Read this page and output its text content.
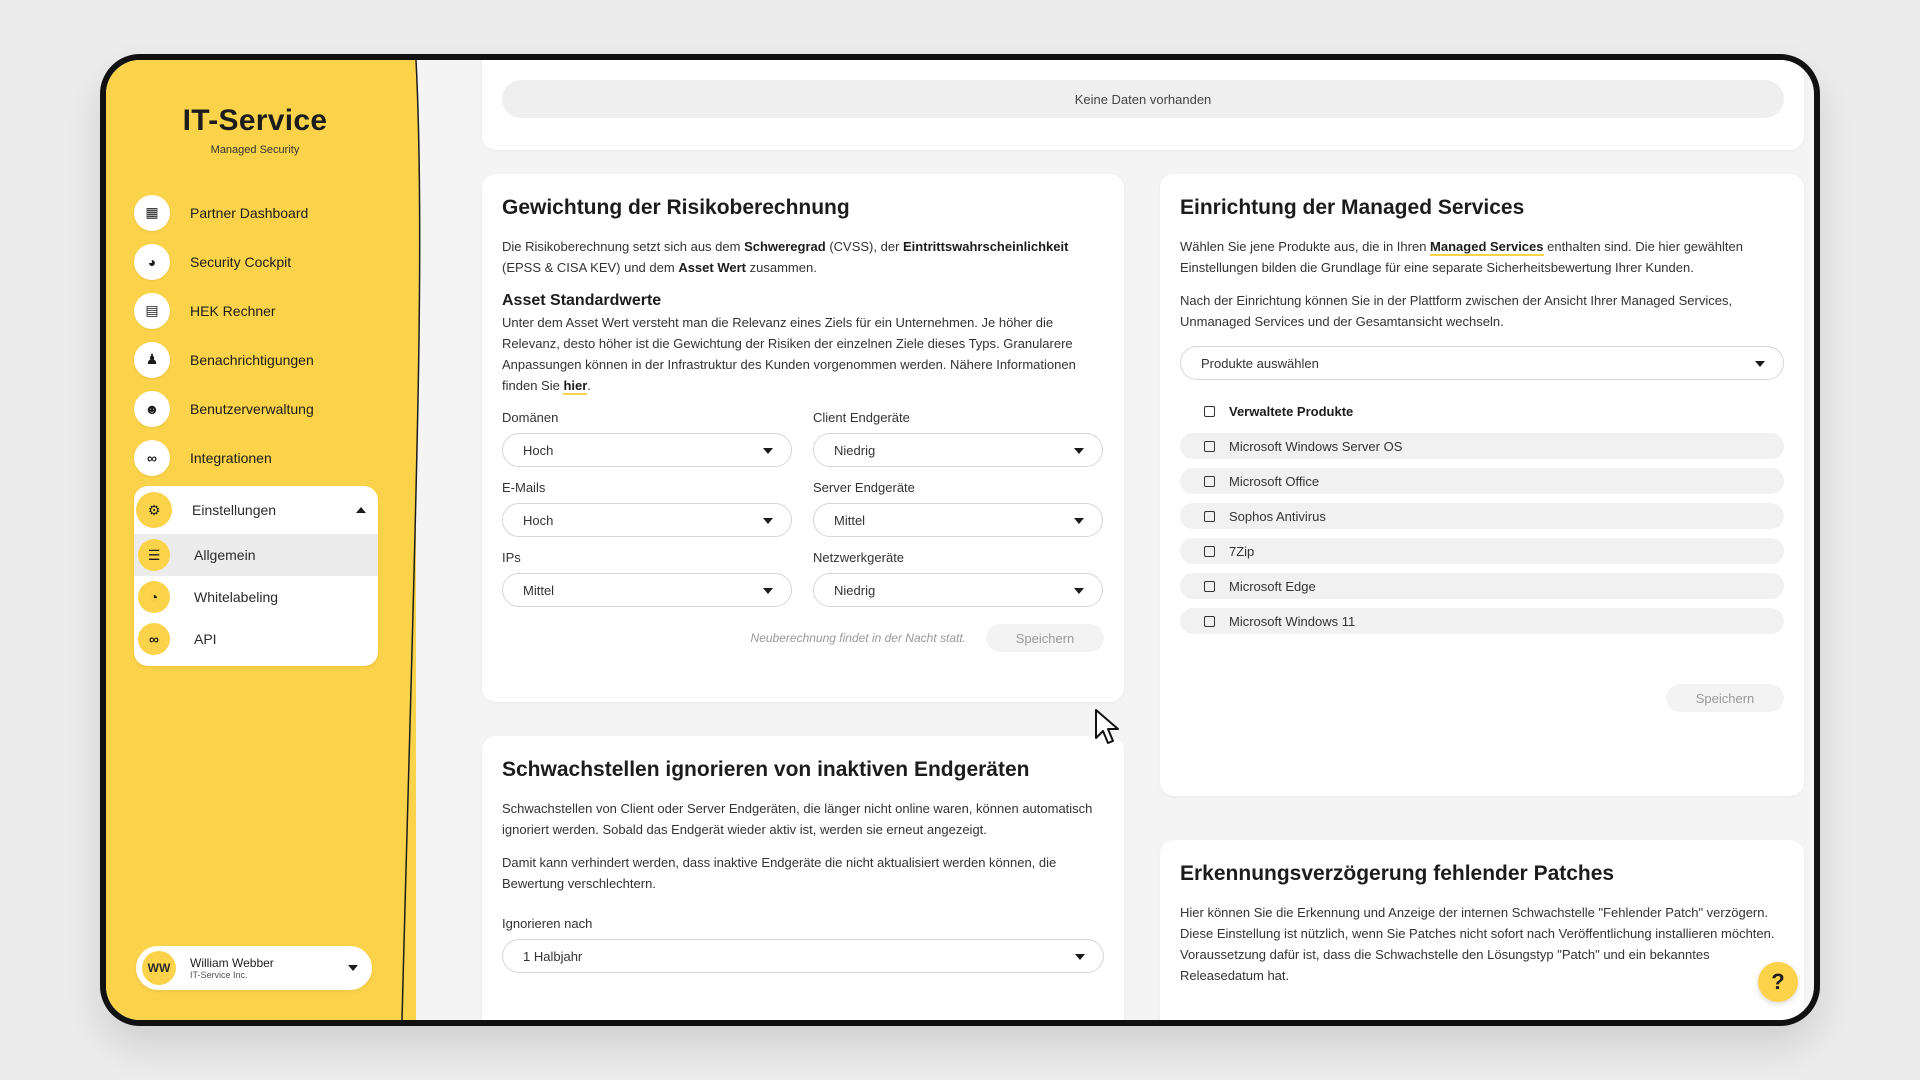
IT-Service
Managed Security
▦	Partner Dashboard
◕	Security Cockpit
▤	HEK Rechner
♟	Benachrichtigungen
☻	Benutzerverwaltung
∞	Integrationen
⚙	Einstellungen
☰	Allgemein
◔	Whitelabeling
∞	API
WW	William Webber
IT-Service Inc.
Keine Daten vorhanden
Gewichtung der Risikoberechnung

Die Risikoberechnung setzt sich aus dem Schweregrad (CVSS), der Eintrittswahrscheinlichkeit (EPSS & CISA KEV) und dem Asset Wert zusammen.

Asset Standardwerte

Unter dem Asset Wert versteht man die Relevanz eines Ziels für ein Unternehmen. Je höher die Relevanz, desto höher ist die Gewichtung der Risiken der einzelnen Ziele dieses Typs. Granularere Anpassungen können in der Infrastruktur des Kunden vorgenommen werden. Nähere Informationen finden Sie hier.

Domänen
Hoch
Client Endgeräte
Niedrig
E-Mails
Hoch
Server Endgeräte
Mittel
IPs
Mittel
Netzwerkgeräte
Niedrig
Neuberechnung findet in der Nacht statt.	Speichern
Einrichtung der Managed Services

Wählen Sie jene Produkte aus, die in Ihren Managed Services enthalten sind. Die hier gewählten Einstellungen bilden die Grundlage für eine separate Sicherheitsbewertung Ihrer Kunden.

Nach der Einrichtung können Sie in der Plattform zwischen der Ansicht Ihrer Managed Services, Unmanaged Services und der Gesamtansicht wechseln.

Produkte auswählen
Verwaltete Produkte
Microsoft Windows Server OS
Microsoft Office
Sophos Antivirus
7Zip
Microsoft Edge
Microsoft Windows 11
Speichern
Schwachstellen ignorieren von inaktiven Endgeräten

Schwachstellen von Client oder Server Endgeräten, die länger nicht online waren, können automatisch ignoriert werden. Sobald das Endgerät wieder aktiv ist, werden sie erneut angezeigt.

Damit kann verhindert werden, dass inaktive Endgeräte die nicht aktualisiert werden können, die Bewertung verschlechtern.

Ignorieren nach
1 Halbjahr
Erkennungsverzögerung fehlender Patches

Hier können Sie die Erkennung und Anzeige der internen Schwachstelle "Fehlender Patch" verzögern. Diese Einstellung ist nützlich, wenn Sie Patches nicht sofort nach Veröffentlichung installieren möchten. Voraussetzung dafür ist, dass die Schwachstelle den Lösungstyp "Patch" und ein bekanntes Releasedatum hat.	?
